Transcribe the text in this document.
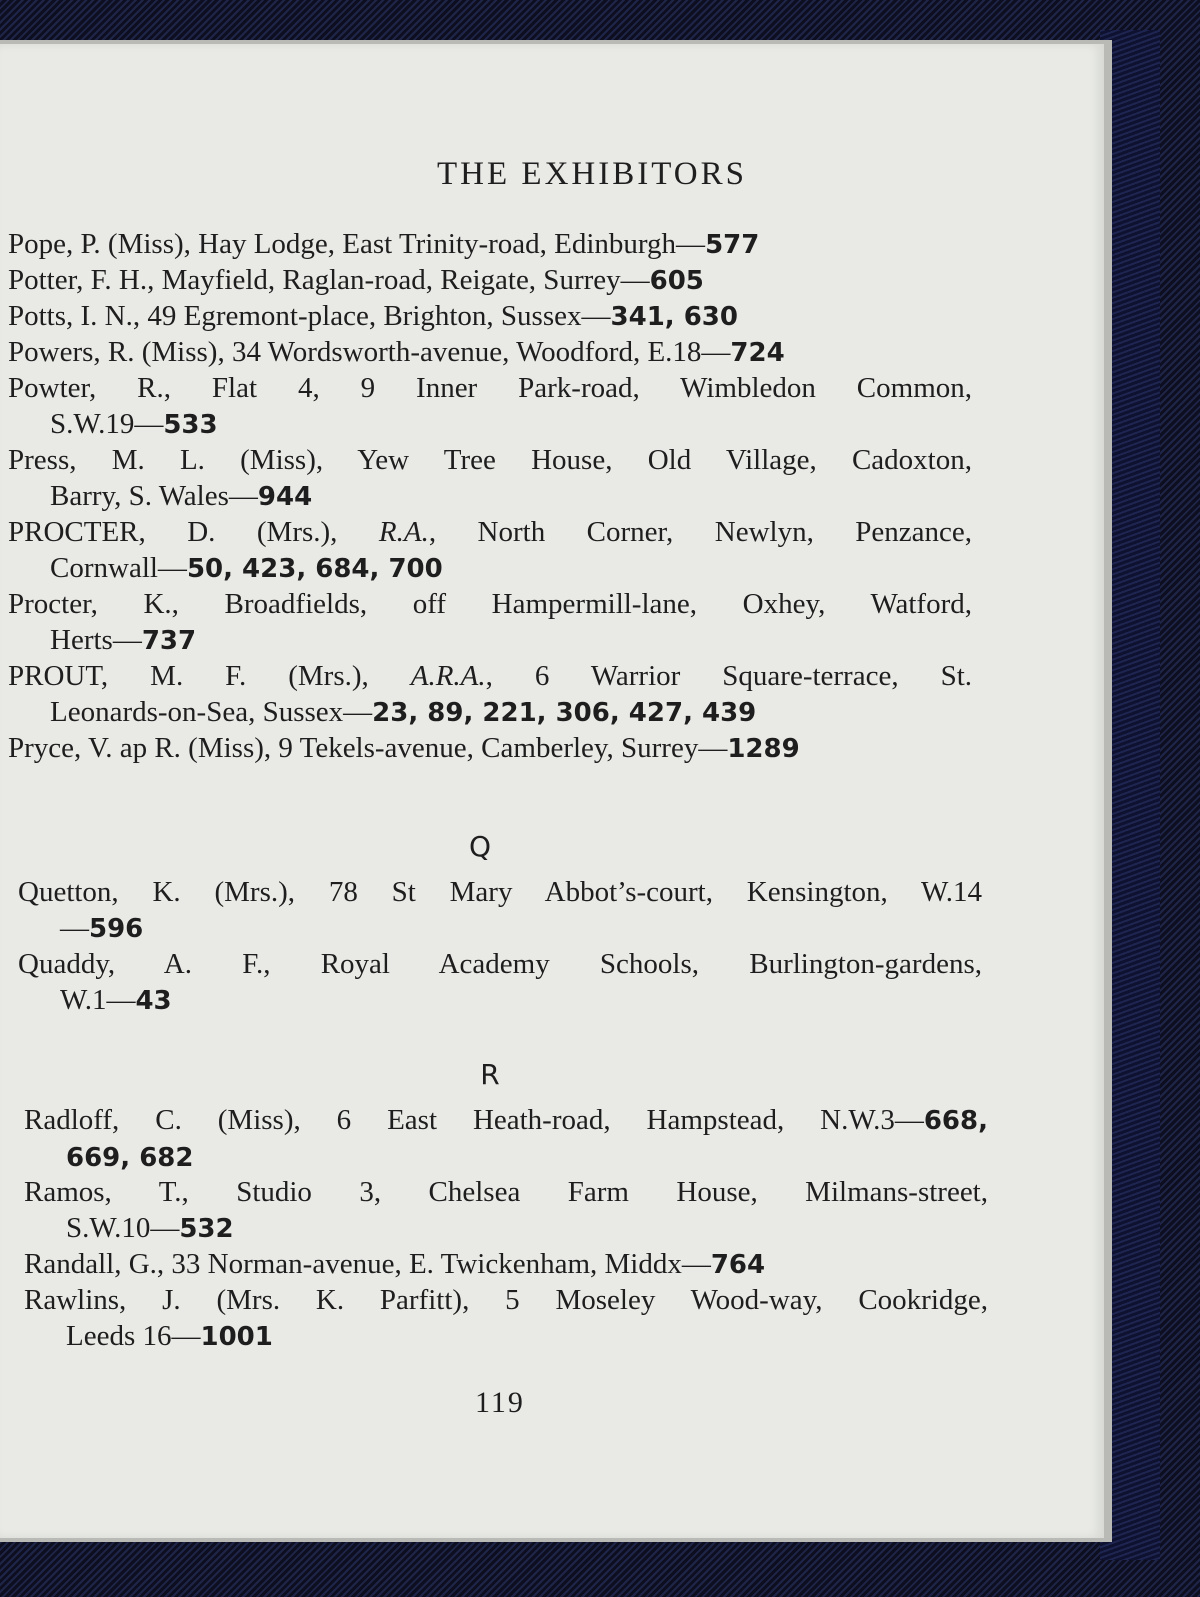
THE EXHIBITORS
Pope, P. (Miss), Hay Lodge, East Trinity-road, Edinburgh—577
Potter, F. H., Mayfield, Raglan-road, Reigate, Surrey—605
Potts, I. N., 49 Egremont-place, Brighton, Sussex—341, 630
Powers, R. (Miss), 34 Wordsworth-avenue, Woodford, E.18—724
Powter, R., Flat 4, 9 Inner Park-road, Wimbledon Common,
S.W.19—533
Press, M. L. (Miss), Yew Tree House, Old Village, Cadoxton,
Barry, S. Wales—944
PROCTER, D. (Mrs.), R.A., North Corner, Newlyn, Penzance,
Cornwall—50, 423, 684, 700
Procter, K., Broadfields, off Hampermill-lane, Oxhey, Watford,
Herts—737
PROUT, M. F. (Mrs.), A.R.A., 6 Warrior Square-terrace, St.
Leonards-on-Sea, Sussex—23, 89, 221, 306, 427, 439
Pryce, V. ap R. (Miss), 9 Tekels-avenue, Camberley, Surrey—1289
Q
Quetton, K. (Mrs.), 78 St Mary Abbot’s-court, Kensington, W.14
—596
Quaddy, A. F., Royal Academy Schools, Burlington-gardens,
W.1—43
R
Radloff, C. (Miss), 6 East Heath-road, Hampstead, N.W.3—668,
669, 682
Ramos, T., Studio 3, Chelsea Farm House, Milmans-street,
S.W.10—532
Randall, G., 33 Norman-avenue, E. Twickenham, Middx—764
Rawlins, J. (Mrs. K. Parfitt), 5 Moseley Wood-way, Cookridge,
Leeds 16—1001
119
